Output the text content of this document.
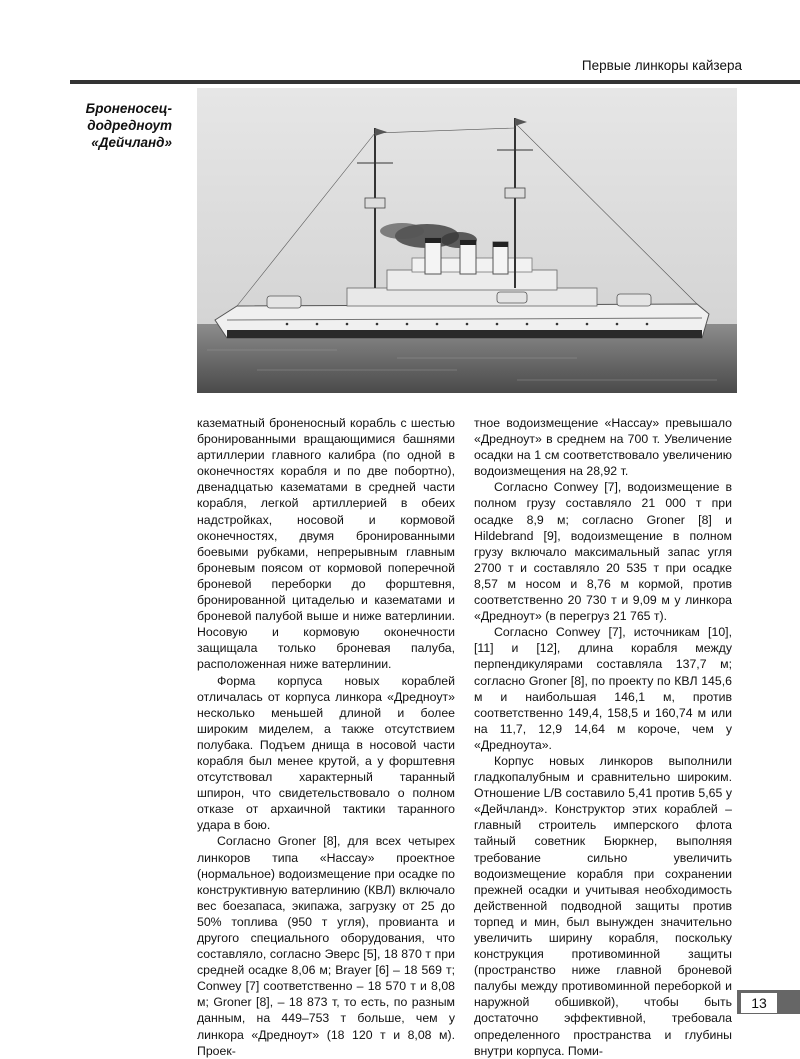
Первые линкоры кайзера
Броненосец-
додредноут
«Дейчланд»

казематный броненосный корабль с шестью бронированными вращающимися башнями артиллерии главного калибра (по одной в оконечностях корабля и по две побортно), двенадцатью казематами в средней части корабля, легкой артиллерией в обеих надстройках, носовой и кормовой оконечностях, двумя бронированными боевыми рубками, непрерывным главным броневым поясом от кормовой поперечной броневой переборки до форштевня, бронированной цитаделью и казематами и броневой палубой выше и ниже ватерлинии. Носовую и кормовую оконечности защищала только броневая палуба, расположенная ниже ватерлинии.

Форма корпуса новых кораблей отличалась от корпуса линкора «Дредноут» несколько меньшей длиной и более широким миделем, а также отсутствием полубака. Подъем днища в носовой части корабля был менее крутой, а у форштевня отсутствовал характерный таранный шпирон, что свидетельствовало о полном отказе от архаичной тактики таранного удара в бою.

Согласно Groner [8], для всех четырех линкоров типа «Нассау» проектное (нормальное) водоизмещение при осадке по конструктивную ватерлинию (КВЛ) включало вес боезапаса, экипажа, загрузку от 25 до 50% топлива (950 т угля), провианта и другого специального оборудования, что составляло, согласно Эверс [5], 18 870 т при средней осадке 8,06 м; Brayer [6] – 18 569 т; Conwey [7] соответственно – 18 570 т и 8,08 м; Groner [8], – 18 873 т, то есть, по разным данным, на 449–753 т больше, чем у линкора «Дредноут» (18 120 т и 8,08 м). Проек-

тное водоизмещение «Нассау» превышало «Дредноут» в среднем на 700 т. Увеличение осадки на 1 см соответствовало увеличению водоизмещения на 28,92 т.

Согласно Conwey [7], водоизмещение в полном грузу составляло 21 000 т при осадке 8,9 м; согласно Groner [8] и Hildebrand [9], водоизмещение в полном грузу включало максимальный запас угля 2700 т и составляло 20 535 т при осадке 8,57 м носом и 8,76 м кормой, против соответственно 20 730 т и 9,09 м у линкора «Дредноут» (в перегруз 21 765 т).

Согласно Conwey [7], источникам [10], [11] и [12], длина корабля между перпендикулярами составляла 137,7 м; согласно Groner [8], по проекту по КВЛ 145,6 м и наибольшая 146,1 м, против соответственно 149,4, 158,5 и 160,74 м или на 11,7, 12,9 14,64 м короче, чем у «Дредноута».

Корпус новых линкоров выполнили гладкопалубным и сравнительно широким. Отношение L/B составило 5,41 против 5,65 у «Дейчланд». Конструктор этих кораблей – главный строитель имперского флота тайный советник Бюркнер, выполняя требование сильно увеличить водоизмещение корабля при сохранении прежней осадки и учитывая необходимость действенной подводной защиты против торпед и мин, был вынужден значительно увеличить ширину корабля, поскольку конструкция противоминной защиты (пространство ниже главной броневой палубы между противоминной переборкой и наружной обшивкой), чтобы быть достаточно эффективной, требовала определенного пространства и глубины внутри корпуса. Поми-

13
